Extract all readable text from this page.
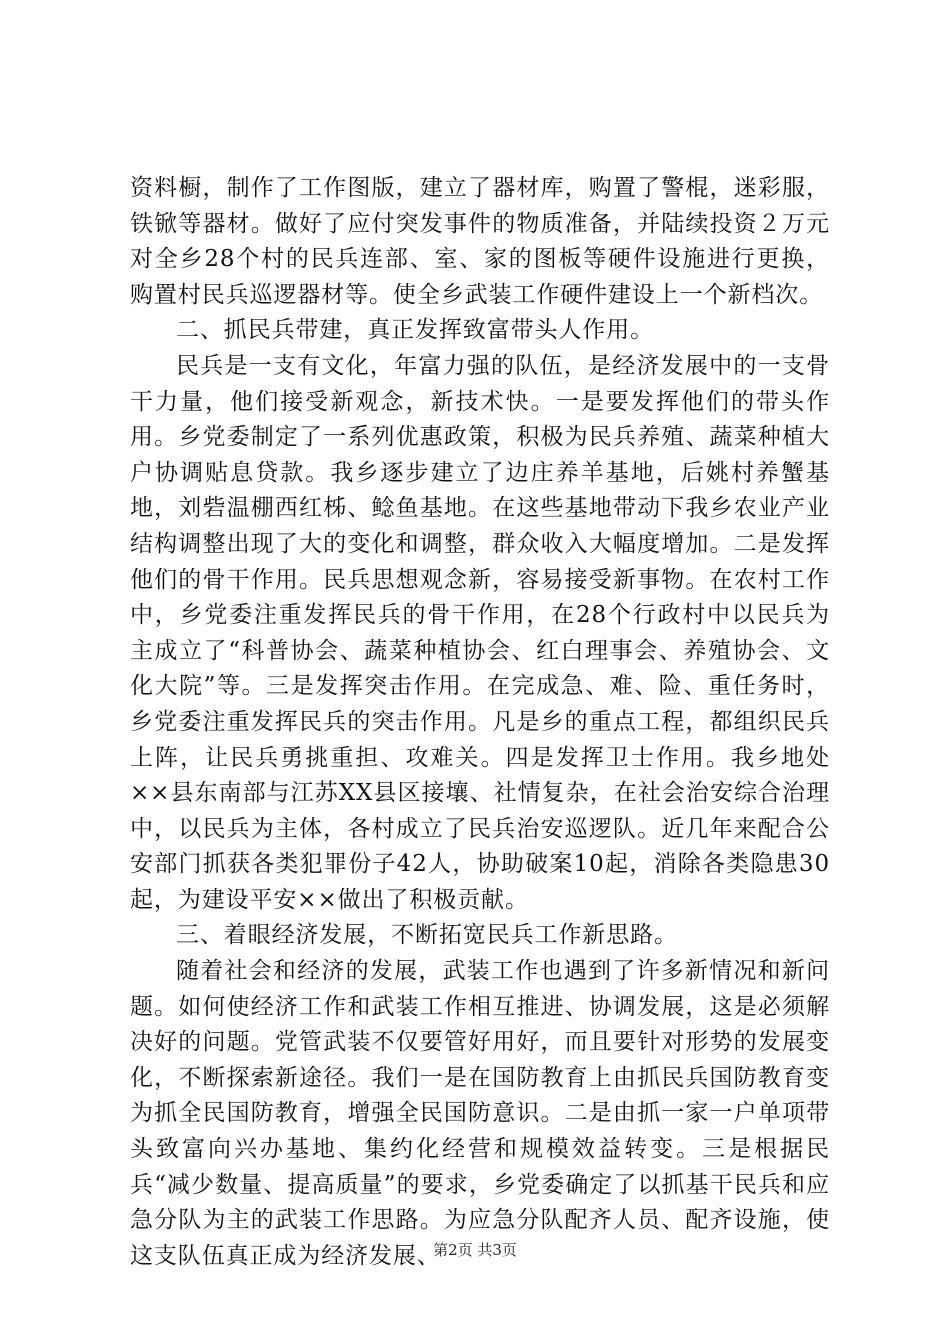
资料橱，制作了工作图版，建立了器材库，购置了警棍，迷彩服，铁锨等器材。做好了应付突发事件的物质准备，并陆续投资２万元对全乡28个村的民兵连部、室、家的图板等硬件设施进行更换，购置村民兵巡逻器材等。使全乡武装工作硬件建设上一个新档次。

二、抓民兵带建，真正发挥致富带头人作用。

民兵是一支有文化，年富力强的队伍，是经济发展中的一支骨干力量，他们接受新观念，新技术快。一是要发挥他们的带头作用。乡党委制定了一系列优惠政策，积极为民兵养殖、蔬菜种植大户协调贴息贷款。我乡逐步建立了边庄养羊基地，后姚村养蟹基地，刘砦温棚西红柹、鲶鱼基地。在这些基地带动下我乡农业产业结构调整出现了大的变化和调整，群众收入大幅度增加。二是发挥他们的骨干作用。民兵思想观念新，容易接受新事物。在农村工作中，乡党委注重发挥民兵的骨干作用，在28个行政村中以民兵为主成立了“科普协会、蔬菜种植协会、红白理事会、养殖协会、文化大院”等。三是发挥突击作用。在完成急、难、险、重任务时，乡党委注重发挥民兵的突击作用。凡是乡的重点工程，都组织民兵上阵，让民兵勇挑重担、攻难关。四是发挥卫士作用。我乡地处××县东南部与江苏XX县区接壤、社情复杂，在社会治安综合治理中，以民兵为主体，各村成立了民兵治安巡逻队。近几年来配合公安部门抓获各类犯罪份子42人，协助破案10起，消除各类隐患30起，为建设平安××做出了积极贡献。

三、着眼经济发展，不断拓宽民兵工作新思路。

随着社会和经济的发展，武装工作也遇到了许多新情况和新问题。如何使经济工作和武装工作相互推进、协调发展，这是必须解决好的问题。党管武装不仅要管好用好，而且要针对形势的发展变化，不断探索新途径。我们一是在国防教育上由抓民兵国防教育变为抓全民国防教育，增强全民国防意识。二是由抓一家一户单项带头致富向兴办基地、集约化经营和规模效益转变。三是根据民兵“减少数量、提高质量”的要求，乡党委确定了以抓基干民兵和应急分队为主的武装工作思路。为应急分队配齐人员、配齐设施，使这支队伍真正成为经济发展、

第2页 共3页
